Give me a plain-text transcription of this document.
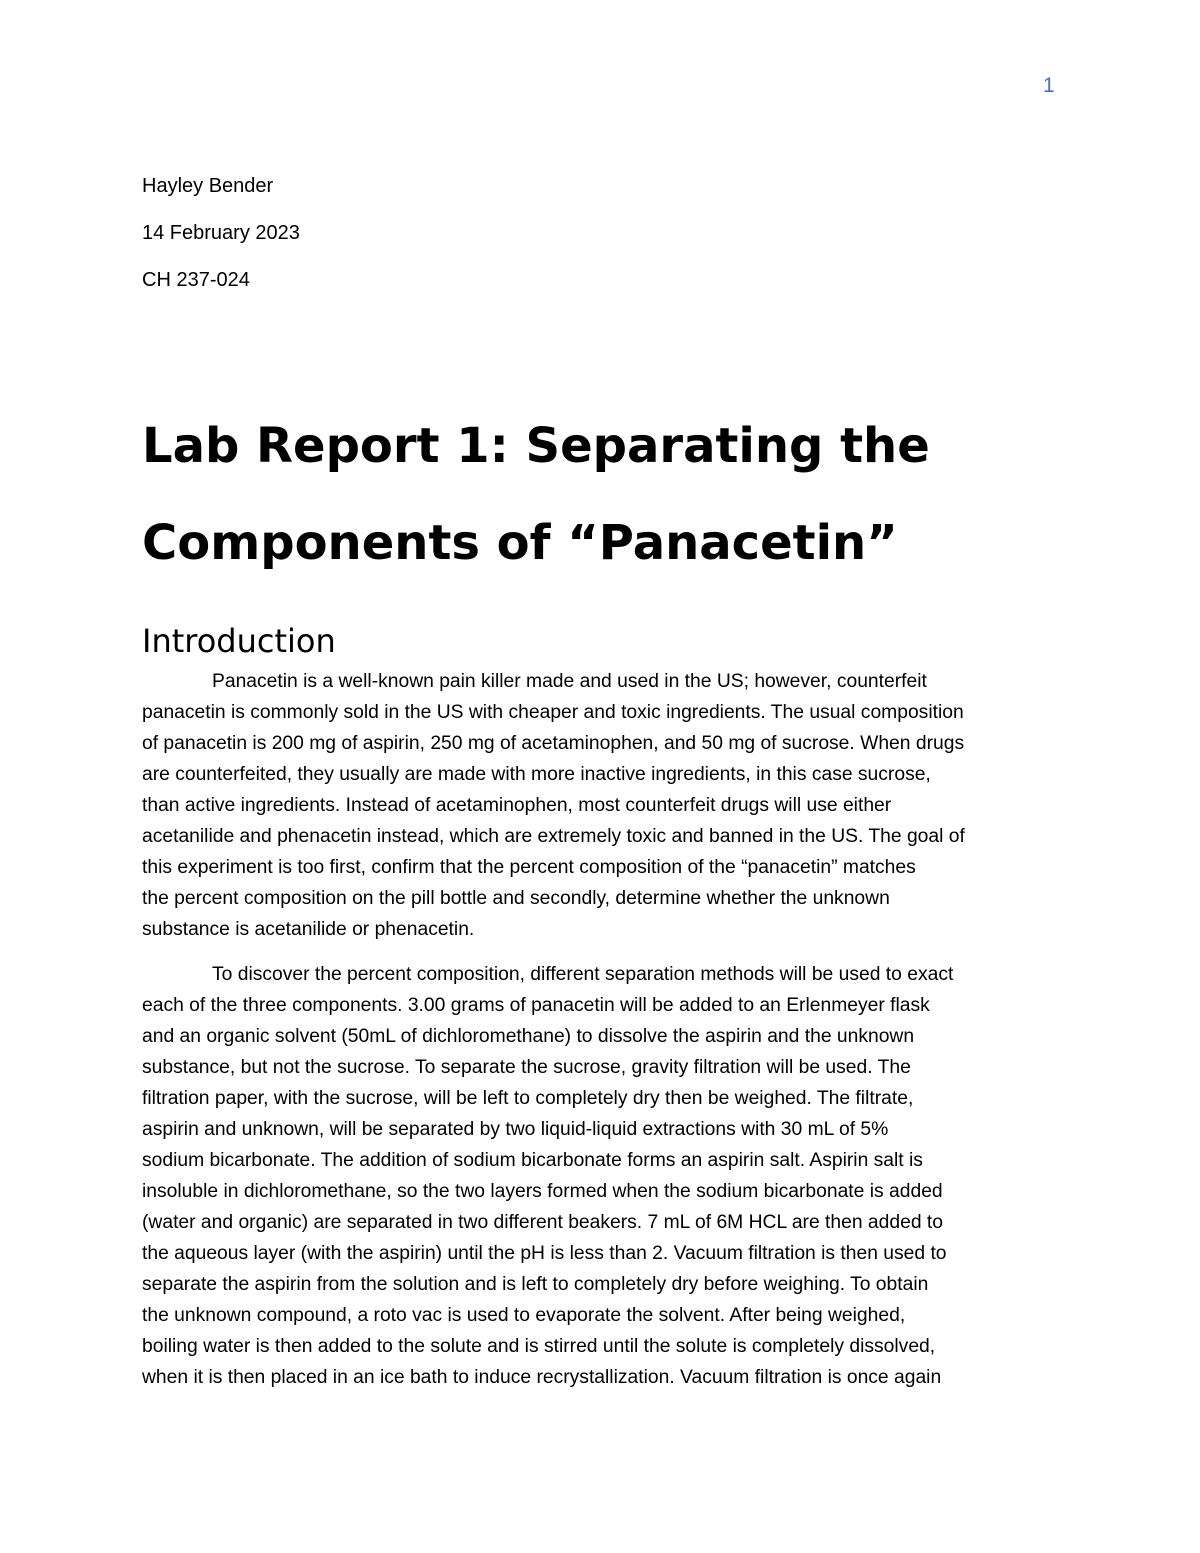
1
Hayley Bender
14 February 2023
CH 237-024
Lab Report 1: Separating the
Components of “Panacetin”
Introduction

Panacetin is a well-known pain killer made and used in the US; however, counterfeit
panacetin is commonly sold in the US with cheaper and toxic ingredients. The usual composition
of panacetin is 200 mg of aspirin, 250 mg of acetaminophen, and 50 mg of sucrose. When drugs
are counterfeited, they usually are made with more inactive ingredients, in this case sucrose,
than active ingredients. Instead of acetaminophen, most counterfeit drugs will use either
acetanilide and phenacetin instead, which are extremely toxic and banned in the US. The goal of
this experiment is too first, confirm that the percent composition of the “panacetin” matches
the percent composition on the pill bottle and secondly, determine whether the unknown
substance is acetanilide or phenacetin.

To discover the percent composition, different separation methods will be used to exact
each of the three components. 3.00 grams of panacetin will be added to an Erlenmeyer flask
and an organic solvent (50mL of dichloromethane) to dissolve the aspirin and the unknown
substance, but not the sucrose. To separate the sucrose, gravity filtration will be used. The
filtration paper, with the sucrose, will be left to completely dry then be weighed. The filtrate,
aspirin and unknown, will be separated by two liquid-liquid extractions with 30 mL of 5%
sodium bicarbonate. The addition of sodium bicarbonate forms an aspirin salt. Aspirin salt is
insoluble in dichloromethane, so the two layers formed when the sodium bicarbonate is added
(water and organic) are separated in two different beakers. 7 mL of 6M HCL are then added to
the aqueous layer (with the aspirin) until the pH is less than 2. Vacuum filtration is then used to
separate the aspirin from the solution and is left to completely dry before weighing. To obtain
the unknown compound, a roto vac is used to evaporate the solvent. After being weighed,
boiling water is then added to the solute and is stirred until the solute is completely dissolved,
when it is then placed in an ice bath to induce recrystallization. Vacuum filtration is once again
